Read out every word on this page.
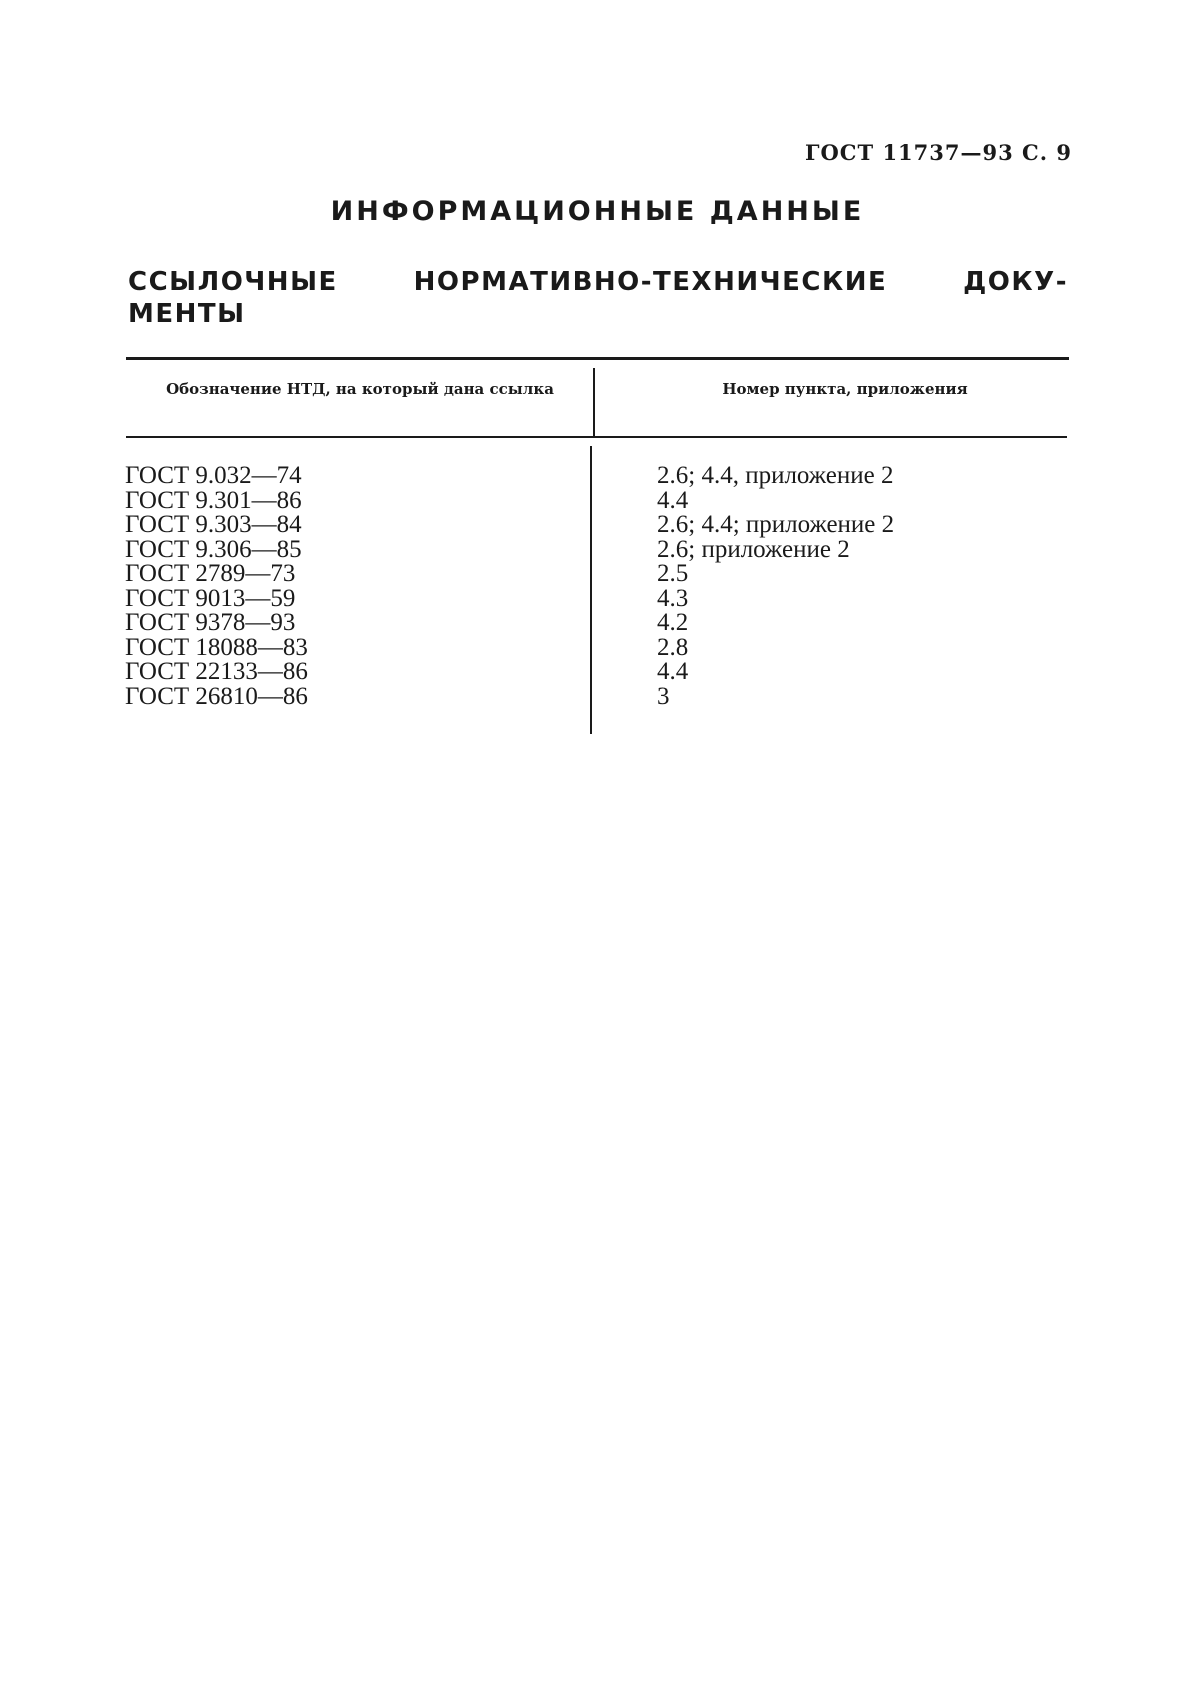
ГОСТ 11737—93 С. 9
ИНФОРМАЦИОННЫЕ ДАННЫЕ
ССЫЛОЧНЫЕ НОРМАТИВНО-ТЕХНИЧЕСКИЕ ДОКУ-
МЕНТЫ
Обозначение НТД, на который дана ссылка	Номер пункта, приложения
ГОСТ 9.032—74
ГОСТ 9.301—86
ГОСТ 9.303—84
ГОСТ 9.306—85
ГОСТ 2789—73
ГОСТ 9013—59
ГОСТ 9378—93
ГОСТ 18088—83
ГОСТ 22133—86
ГОСТ 26810—86
2.6; 4.4, приложение 2
4.4
2.6; 4.4; приложение 2
2.6; приложение 2
2.5
4.3
4.2
2.8
4.4
3
